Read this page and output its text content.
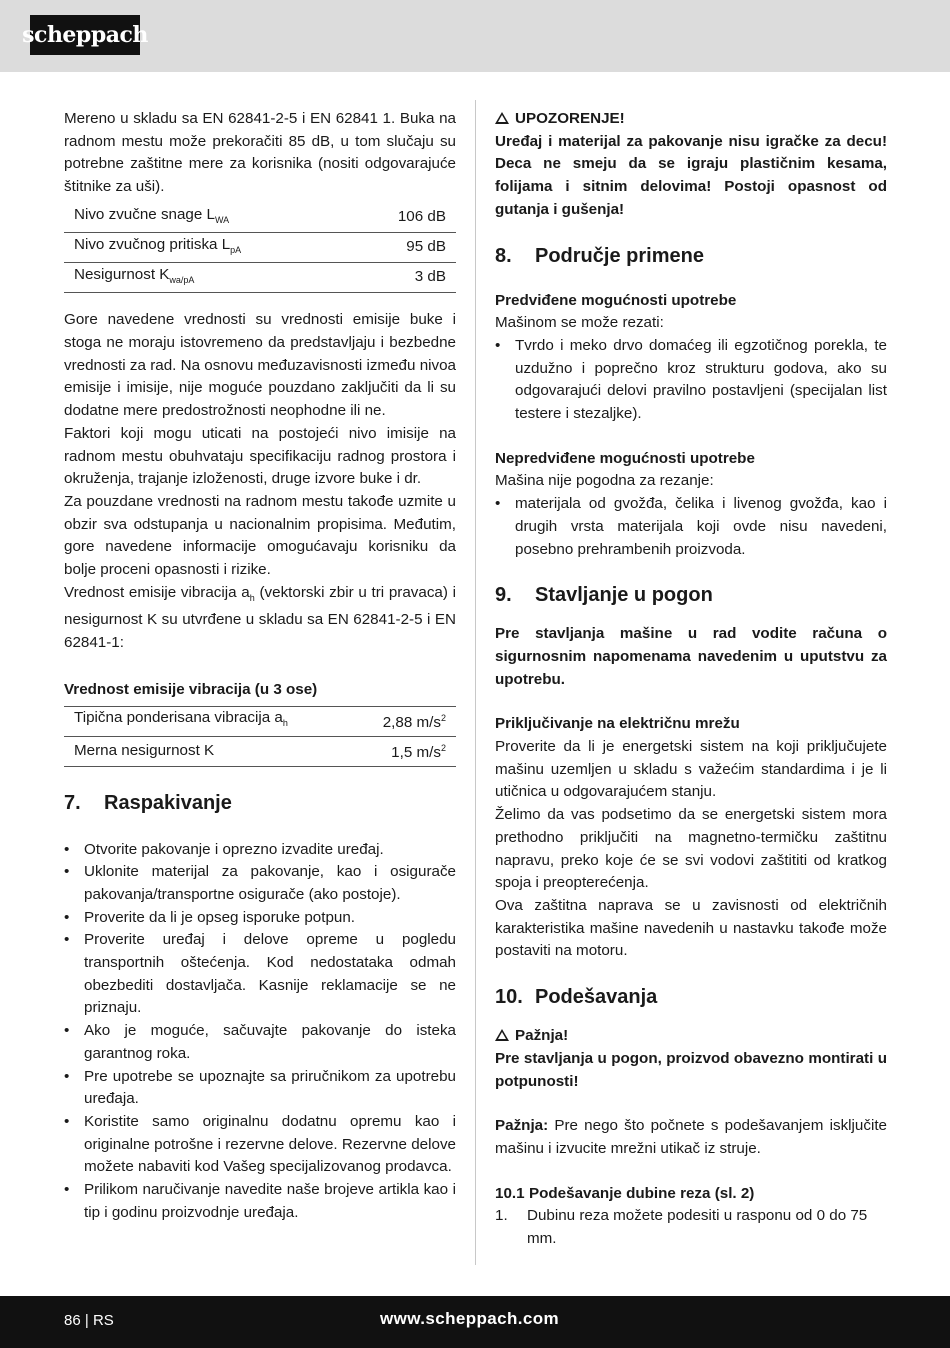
scheppach

Mereno u skladu sa EN 62841-2-5 i EN 62841 1. Buka na radnom mestu može prekoračiti 85 dB, u tom slučaju su potrebne zaštitne mere za korisnika (nositi odgovarajuće štitnike za uši).

Nivo zvučne snage $L_{WA}$	106 dB
Nivo zvučnog pritiska $L_{pA}$	95 dB
Nesigurnost $K_{wa/pA}$	3 dB

Gore navedene vrednosti su vrednosti emisije buke i stoga ne moraju istovremeno da predstavljaju i bezbedne vrednosti za rad. Na osnovu međuzavisnosti između nivoa emisije i imisije, nije moguće pouzdano zaključiti da li su dodatne mere predostrožnosti neophodne ili ne.

Faktori koji mogu uticati na postojeći nivo imisije na radnom mestu obuhvataju specifikaciju radnog prostora i okruženja, trajanje izloženosti, druge izvore buke i dr.

Za pouzdane vrednosti na radnom mestu takođe uzmite u obzir sva odstupanja u nacionalnim propisima. Međutim, gore navedene informacije omogućavaju korisniku da bolje proceni opasnosti i rizike.

Vrednost emisije vibracija $a_h$ (vektorski zbir u tri pravaca) i nesigurnost K su utvrđene u skladu sa EN 62841-2-5 i EN 62841-1:

Vrednost emisije vibracija (u 3 ose)
Tipična ponderisana vibracija $a_h$	2,88 $m/s^2$
Merna nesigurnost K	1,5 $m/s^2$
7. Raspakivanje
• Otvorite pakovanje i oprezno izvadite uređaj.
• Uklonite materijal za pakovanje, kao i osigurače pakovanja/transportne osigurače (ako postoje).
• Proverite da li je opseg isporuke potpun.
• Proverite uređaj i delove opreme u pogledu transportnih oštećenja. Kod nedostataka odmah obezbediti dostavljača. Kasnije reklamacije se ne priznaju.
• Ako je moguće, sačuvajte pakovanje do isteka garantnog roka.
• Pre upotrebe se upoznajte sa priručnikom za upotrebu uređaja.
• Koristite samo originalnu dodatnu opremu kao i originalne potrošne i rezervne delove. Rezervne delove možete nabaviti kod Vašeg specijalizovanog prodavca.
• Prilikom naručivanje navedite naše brojeve artikla kao i tip i godinu proizvodnje uređaja.

UPOZORENJE!

Uređaj i materijal za pakovanje nisu igračke za decu! Deca ne smeju da se igraju plastičnim kesama, folijama i sitnim delovima! Postoji opasnost od gutanja i gušenja!

8. Područje primene
Predviđene mogućnosti upotrebe

Mašinom se može rezati:

• Tvrdo i meko drvo domaćeg ili egzotičnog porekla, te uzdužno i poprečno kroz strukturu godova, ako su odgovarajući delovi pravilno postavljeni (specijalan list testere i stezaljke).
Nepredviđene mogućnosti upotrebe

Mašina nije pogodna za rezanje:

• materijala od gvožđa, čelika i livenog gvožđa, kao i drugih vrsta materijala koji ovde nisu navedeni, posebno prehrambenih proizvoda.
9. Stavljanje u pogon

Pre stavljanja mašine u rad vodite računa o sigurnosnim napomenama navedenim u uputstvu za upotrebu.

Priključivanje na električnu mrežu

Proverite da li je energetski sistem na koji priključujete mašinu uzemljen u skladu s važećim standardima i je li utičnica u odgovarajućem stanju.

Želimo da vas podsetimo da se energetski sistem mora prethodno priključiti na magnetno-termičku zaštitnu napravu, preko koje će se svi vodovi zaštititi od kratkog spoja i preopterećenja.

Ova zaštitna naprava se u zavisnosti od električnih karakteristika mašine navedenih u nastavku takođe može postaviti na motoru.

10. Podešavanja

Pažnja!

Pre stavljanja u pogon, proizvod obavezno montirati u potpunosti!

Pažnja: Pre nego što počnete s podešavanjem isključite mašinu i izvucite mrežni utikač iz struje.

10.1 Podešavanje dubine reza (sl. 2)
1. Dubinu reza možete podesiti u rasponu od 0 do 75 mm.
86 | RS	www.scheppach.com
